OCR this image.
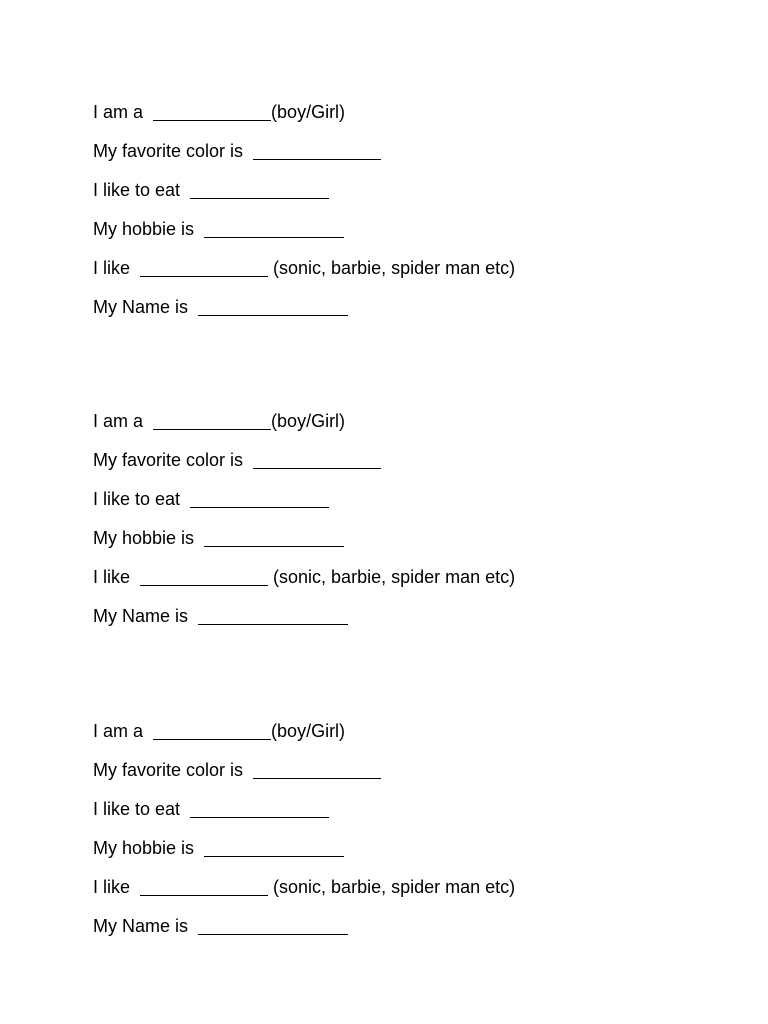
I am a	(boy/Girl)
My favorite color is
I like to eat
My hobbie is
I like	(sonic, barbie, spider man etc)
My Name is
I am a	(boy/Girl)
My favorite color is
I like to eat
My hobbie is
I like	(sonic, barbie, spider man etc)
My Name is
I am a	(boy/Girl)
My favorite color is
I like to eat
My hobbie is
I like	(sonic, barbie, spider man etc)
My Name is
